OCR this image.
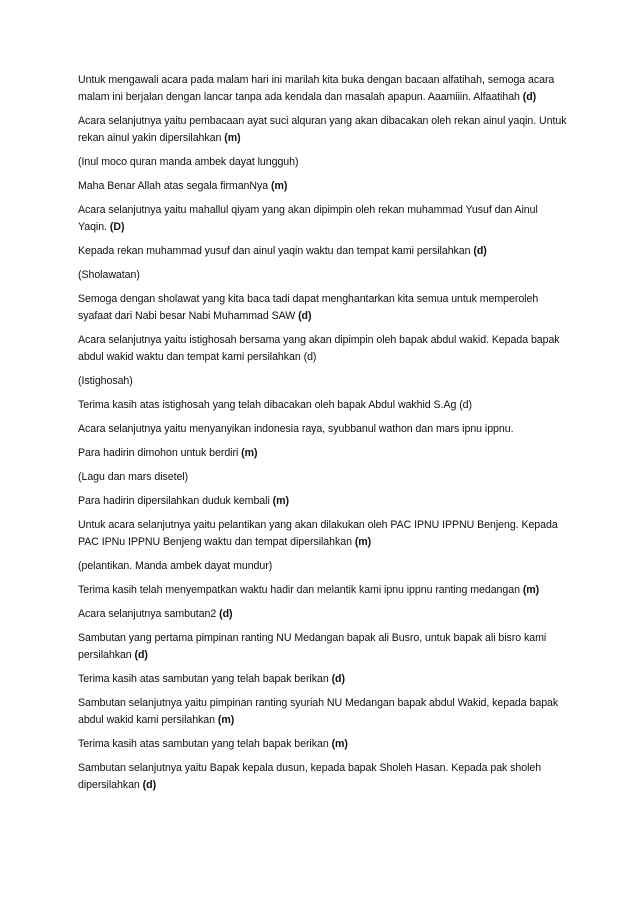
Untuk mengawali acara pada malam hari ini marilah kita buka dengan bacaan alfatihah, semoga acara malam ini berjalan dengan lancar tanpa ada kendala dan masalah apapun. Aaamiiin. Alfaatihah (d)

Acara selanjutnya yaitu pembacaan ayat suci alquran yang akan dibacakan oleh rekan ainul yaqin. Untuk rekan ainul yakin dipersilahkan (m)

(Inul moco quran manda ambek dayat lungguh)

Maha Benar Allah atas segala firmanNya (m)

Acara selanjutnya yaitu mahallul qiyam yang akan dipimpin oleh rekan muhammad Yusuf dan Ainul Yaqin. (D)

Kepada rekan muhammad yusuf dan ainul yaqin waktu dan tempat kami persilahkan (d)

(Sholawatan)

Semoga dengan sholawat yang kita baca tadi dapat menghantarkan kita semua untuk memperoleh syafaat dari Nabi besar Nabi Muhammad SAW (d)

Acara selanjutnya yaitu istighosah bersama yang akan dipimpin oleh bapak abdul wakid. Kepada bapak abdul wakid waktu dan tempat kami persilahkan (d)

(Istighosah)

Terima kasih atas istighosah yang telah dibacakan oleh bapak Abdul wakhid S.Ag (d)

Acara selanjutnya yaitu menyanyikan indonesia raya, syubbanul wathon dan mars ipnu ippnu.

Para hadirin dimohon untuk berdiri (m)

(Lagu dan mars disetel)

Para hadirin dipersilahkan duduk kembali (m)

Untuk acara selanjutnya yaitu pelantikan yang akan dilakukan oleh PAC IPNU IPPNU Benjeng. Kepada PAC IPNu IPPNU Benjeng waktu dan tempat dipersilahkan (m)

(pelantikan. Manda ambek dayat mundur)

Terima kasih telah menyempatkan waktu hadir dan melantik kami ipnu ippnu ranting medangan (m)

Acara selanjutnya sambutan2 (d)

Sambutan yang pertama pimpinan ranting NU Medangan bapak ali Busro, untuk bapak ali bisro kami persilahkan (d)

Terima kasih atas sambutan yang telah bapak berikan (d)

Sambutan selanjutnya yaitu pimpinan ranting syuriah NU Medangan bapak abdul Wakid, kepada bapak abdul wakid kami persilahkan (m)

Terima kasih atas sambutan yang telah bapak berikan (m)

Sambutan selanjutnya yaitu Bapak kepala dusun, kepada bapak Sholeh Hasan. Kepada pak sholeh dipersilahkan (d)
